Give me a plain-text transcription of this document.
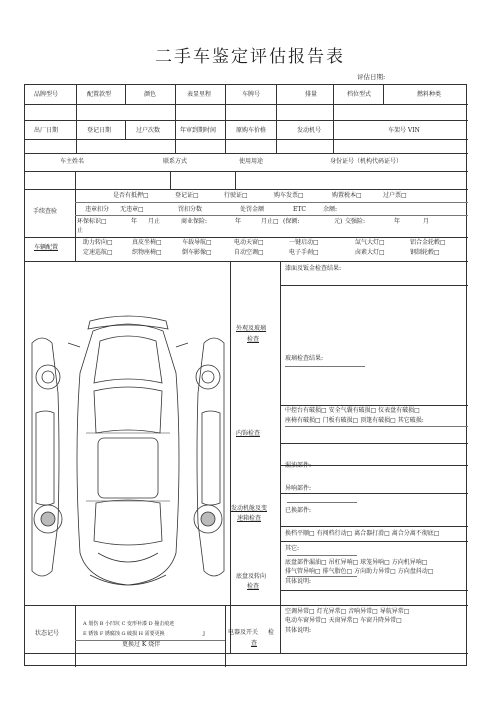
二手车鉴定评估报告表
评估日期:
品牌型号	配置款型	颜色	表显里程	车牌号	排量	档位型式	燃料种类
出厂日期	登记日期	过户次数	年审到期时间	原购车价格	发动机号	车架号 VIN
车主姓名	联系方式	使用用途	身份证号（机构代码证号）
手续查验
是否有抵押□	登记证□	行驶证□	购车发票□	购置税本□	过户票□
违章扣分 无违章□	罚扣分数	处罚金额	ETC	余额:
环保标识□	年 月止	商业保险:	年	月止□ (保额:	元) 交强险:	年	月
止
车辆配置
助力转向□	真皮坐椅□	车载导航□	电动天窗□	一键启动□	氙气大灯□	铝合金轮毂□
定速巡航□	织物座椅□	倒车影像□	自动空调□	电子手刹□	卤素大灯□	钢制轮毂□
外观及玻璃
检查
漆面及钣金检查结果:
玻璃检查结果:
内饰检查
中控台有破损□ 安全气囊有破损□ 仪表盘有破损□
座椅有破损□ 门板有破损□ 顶篷有破损□ 其它破损:
发动机舱及变
速箱检查
漏油部件:
异响部件:
已换部件:
换档平顺□ 有闯档行动□ 离合器打滑□ 离合分离不彻底□
其它:
底盘及转向
检查
底盘部件漏油□ 吊杠异响□ 球笼异响□ 方向机异响□
排气管异响□ 排气脂色□ 方向助力异常□ 方向盘抖动□
其体说明:
电器及开关 检
查
空调异常□ 灯光异常□ 音响异常□ 导航异常□
电动车窗异常□ 天窗异常□ 车窗升降异常□
其体说明:
状态记号
A 划伤 B 小凹坑 C 变形补漆 D 撞击痕迹
E 锈蚀 F 锈腐蚀 G 破损 H 需要更换	J
更换过 K 烧伴
